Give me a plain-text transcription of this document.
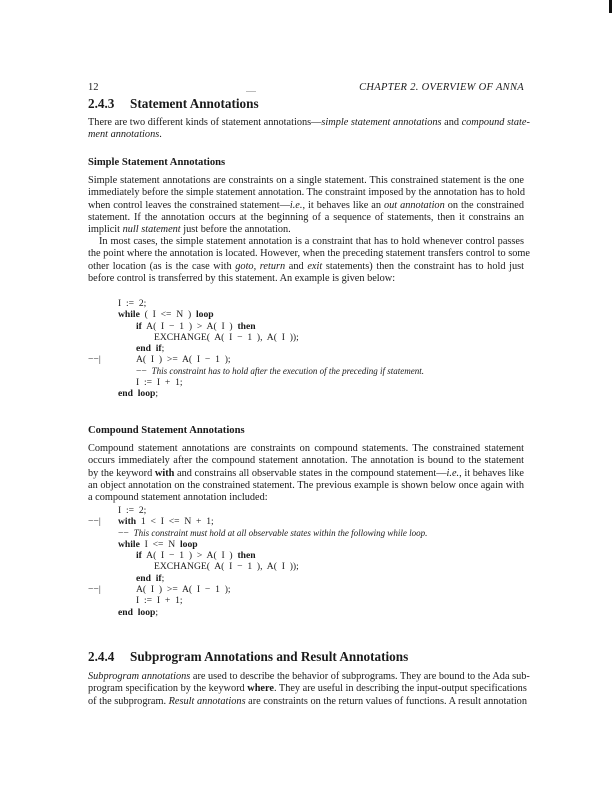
12	CHAPTER 2. OVERVIEW OF ANNA
2.4.3 Statement Annotations
There are two different kinds of statement annotations—simple statement annotations and compound state-
ment annotations.
Simple Statement Annotations
Simple statement annotations are constraints on a single statement. This constrained statement is the one
immediately before the simple statement annotation. The constraint imposed by the annotation has to hold
when control leaves the constrained statement—i.e., it behaves like an out annotation on the constrained
statement. If the annotation occurs at the beginning of a sequence of statements, then it constrains an
implicit null statement just before the annotation.
In most cases, the simple statement annotation is a constraint that has to hold whenever control passes
the point where the annotation is located. However, when the preceding statement transfers control to some
other location (as is the case with goto, return and exit statements) then the constraint has to hold just
before control is transferred by this statement. An example is given below:
I  :=  2;
while  (  I  <=  N  )  loop
if  A(  I  −  1  )  >  A(  I  )  then
EXCHANGE(  A(  I  −  1  ),  A(  I  ));
end  if;
−−|	A(  I  )  >=  A(  I  −  1  );
−−  This constraint has to hold after the execution of the preceding if statement.
I  :=  I  +  1;
end  loop;
Compound Statement Annotations
Compound statement annotations are constraints on compound statements. The constrained statement
occurs immediately after the compound statement annotation. The annotation is bound to the statement
by the keyword with and constrains all observable states in the compound statement—i.e., it behaves like
an object annotation on the constrained statement. The previous example is shown below once again with
a compound statement annotation included:
I  :=  2;
−−| with  1  <  I  <=  N  +  1;
−−  This constraint must hold at all observable states within the following while loop.
while  I  <=  N  loop
if  A(  I  −  1  )  >  A(  I  )  then
EXCHANGE(  A(  I  −  1  ),  A(  I  ));
end  if;
−−|	A(  I  )  >=  A(  I  −  1  );
I  :=  I  +  1;
end  loop;
2.4.4 Subprogram Annotations and Result Annotations
Subprogram annotations are used to describe the behavior of subprograms. They are bound to the Ada sub-
program specification by the keyword where. They are useful in describing the input-output specifications
of the subprogram. Result annotations are constraints on the return values of functions. A result annotation
